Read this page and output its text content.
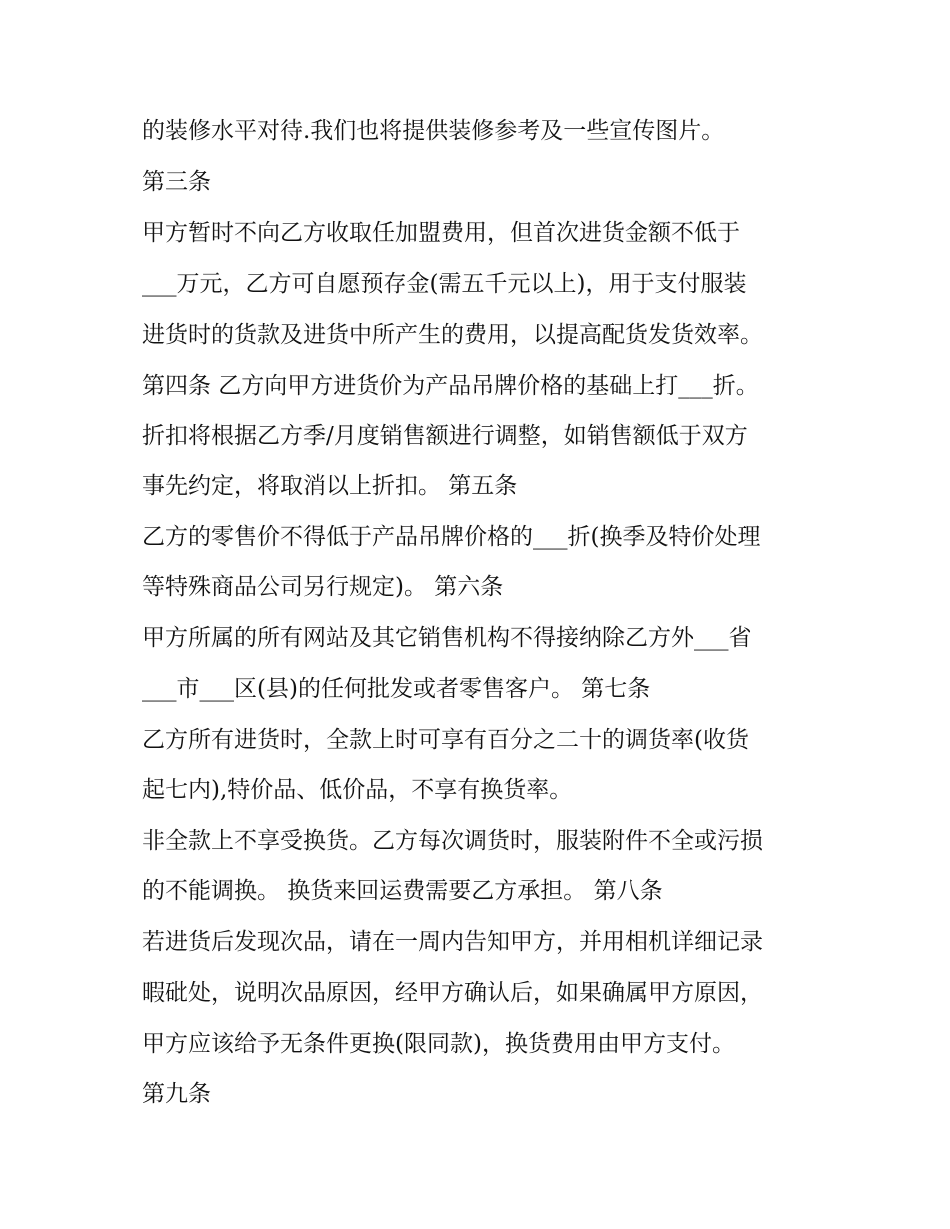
的装修水平对待.我们也将提供装修参考及一些宣传图片。
第三条
甲方暂时不向乙方收取任加盟费用，但首次进货金额不低于
___万元，乙方可自愿预存金(需五千元以上)，用于支付服装
进货时的货款及进货中所产生的费用，以提高配货发货效率。
第四条 乙方向甲方进货价为产品吊牌价格的基础上打___折。
折扣将根据乙方季/月度销售额进行调整，如销售额低于双方
事先约定，将取消以上折扣。 第五条
乙方的零售价不得低于产品吊牌价格的___折(换季及特价处理
等特殊商品公司另行规定)。 第六条
甲方所属的所有网站及其它销售机构不得接纳除乙方外___省
___市___区(县)的任何批发或者零售客户。 第七条
乙方所有进货时，全款上时可享有百分之二十的调货率(收货
起七内),特价品、低价品，不享有换货率。
非全款上不享受换货。乙方每次调货时，服装附件不全或污损
的不能调换。 换货来回运费需要乙方承担。 第八条
若进货后发现次品，请在一周内告知甲方，并用相机详细记录
暇砒处，说明次品原因，经甲方确认后，如果确属甲方原因，
甲方应该给予无条件更换(限同款)，换货费用由甲方支付。
第九条
